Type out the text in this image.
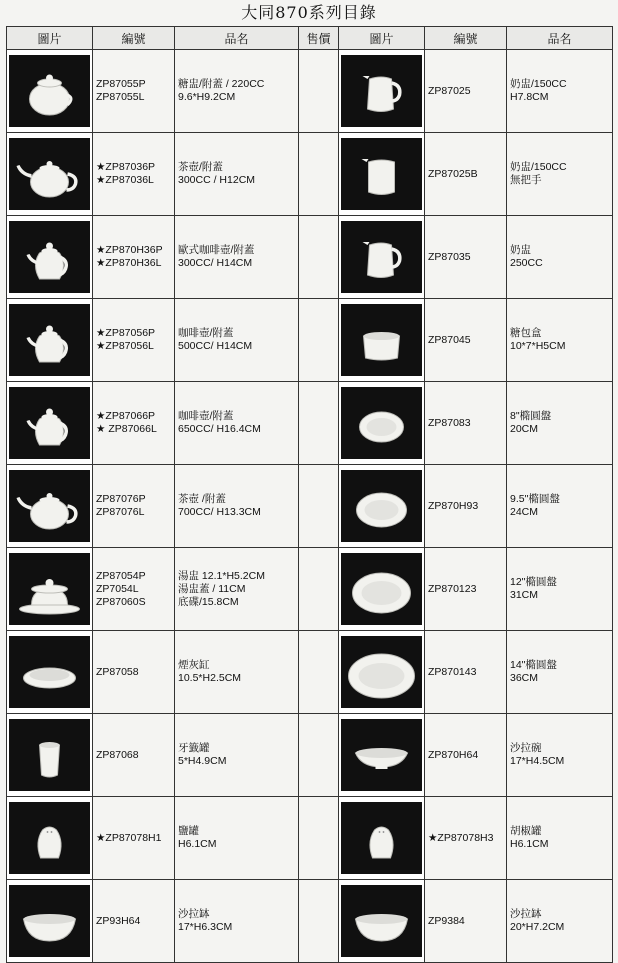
大同870系列目錄
圖片	編號	品名	售價	圖片	編號	品名

ZP87055P
ZP87055L	糖盅/附蓋 / 220CC
9.6*H9.2CM			ZP87025	奶盅/150CC
H7.8CM

★ZP87036P
★ZP87036L	茶壺/附蓋
300CC / H12CM			ZP87025B	奶盅/150CC
無把手

★ZP870H36P
★ZP870H36L	歐式咖啡壺/附蓋
300CC/ H14CM			ZP87035	奶盅
250CC

★ZP87056P
★ZP87056L	咖啡壺/附蓋
500CC/ H14CM			ZP87045	糖包盒
10*7*H5CM

★ZP87066P
★ ZP87066L	咖啡壺/附蓋
650CC/ H16.4CM			ZP87083	8"橢圓盤
20CM

ZP87076P
ZP87076L	茶壺 /附蓋
700CC/ H13.3CM			ZP870H93	9.5"橢圓盤
24CM

ZP87054P
ZP7054L
ZP87060S	湯盅 12.1*H5.2CM
湯盅蓋 / 11CM
底碟/15.8CM			ZP870123	12"橢圓盤
31CM

ZP87058	煙灰缸
10.5*H2.5CM			ZP870143	14"橢圓盤
36CM

ZP87068	牙籤罐
5*H4.9CM			ZP870H64	沙拉碗
17*H4.5CM

★ZP87078H1	鹽罐
H6.1CM			★ZP87078H3	胡椒罐
H6.1CM

ZP93H64	沙拉缽
17*H6.3CM			ZP9384	沙拉缽
20*H7.2CM
